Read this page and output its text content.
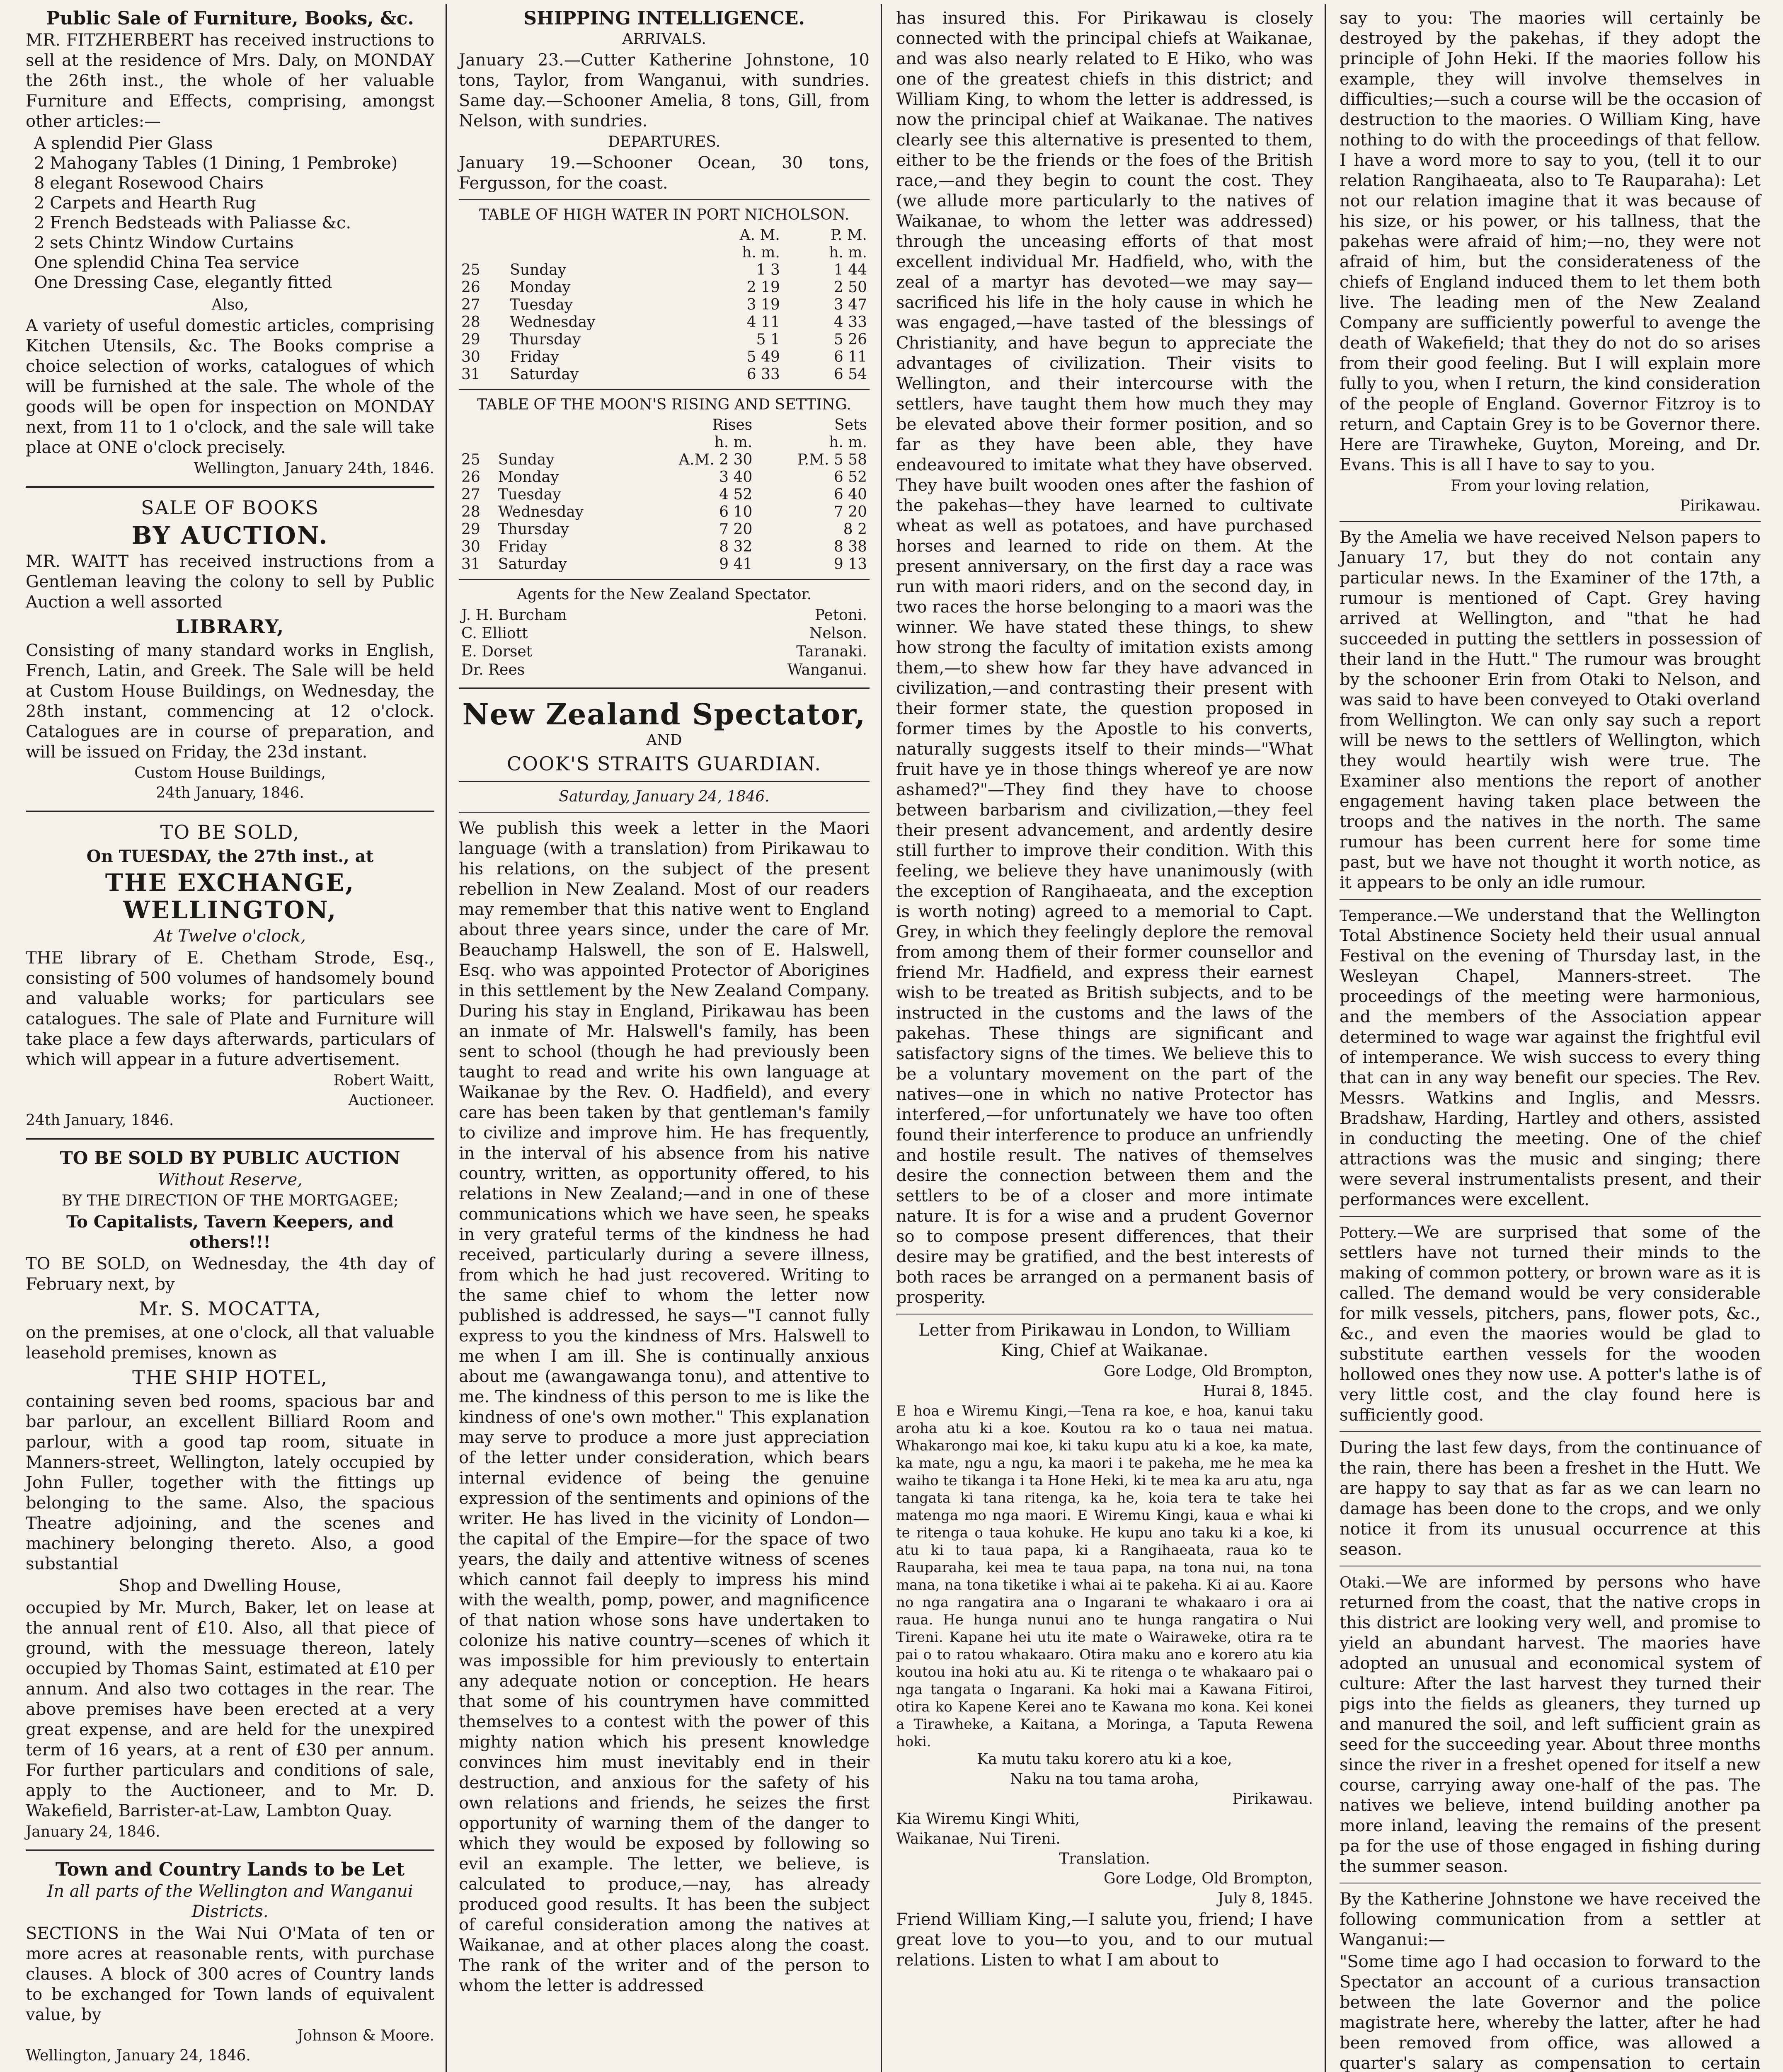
Public Sale of Furniture, Books, &c.
MR. FITZHERBERT has received instructions to sell at the residence of Mrs. Daly, on MONDAY the 26th inst., the whole of her valuable Furniture and Effects, comprising, amongst other articles:—
A splendid Pier Glass
2 Mahogany Tables (1 Dining, 1 Pembroke)
8 elegant Rosewood Chairs
2 Carpets and Hearth Rug
2 French Bedsteads with Paliasse &c.
2 sets Chintz Window Curtains
One splendid China Tea service
One Dressing Case, elegantly fitted
Also,
A variety of useful domestic articles, comprising Kitchen Utensils, &c. The Books comprise a choice selection of works, catalogues of which will be furnished at the sale. The whole of the goods will be open for inspection on MONDAY next, from 11 to 1 o'clock, and the sale will take place at ONE o'clock precisely.
Wellington, January 24th, 1846.
SALE OF BOOKS
BY AUCTION.
MR. WAITT has received instructions from a Gentleman leaving the colony to sell by Public Auction a well assorted
LIBRARY,
Consisting of many standard works in English, French, Latin, and Greek. The Sale will be held at Custom House Buildings, on Wednesday, the 28th instant, commencing at 12 o'clock. Catalogues are in course of preparation, and will be issued on Friday, the 23d instant.
Custom House Buildings,
24th January, 1846.
TO BE SOLD,
On TUESDAY, the 27th inst., at
THE EXCHANGE, WELLINGTON,
At Twelve o'clock,
THE library of E. Chetham Strode, Esq., consisting of 500 volumes of handsomely bound and valuable works; for particulars see catalogues. The sale of Plate and Furniture will take place a few days afterwards, particulars of which will appear in a future advertisement.
Robert Waitt,
Auctioneer.
24th January, 1846.
TO BE SOLD BY PUBLIC AUCTION
Without Reserve,
BY THE DIRECTION OF THE MORTGAGEE;
To Capitalists, Tavern Keepers, and others!!!
TO BE SOLD, on Wednesday, the 4th day of February next, by
Mr. S. MOCATTA,
on the premises, at one o'clock, all that valuable leasehold premises, known as
THE SHIP HOTEL,
containing seven bed rooms, spacious bar and bar parlour, an excellent Billiard Room and parlour, with a good tap room, situate in Manners-street, Wellington, lately occupied by John Fuller, together with the fittings up belonging to the same. Also, the spacious Theatre adjoining, and the scenes and machinery belonging thereto. Also, a good substantial
Shop and Dwelling House,
occupied by Mr. Murch, Baker, let on lease at the annual rent of £10. Also, all that piece of ground, with the messuage thereon, lately occupied by Thomas Saint, estimated at £10 per annum. And also two cottages in the rear. The above premises have been erected at a very great expense, and are held for the unexpired term of 16 years, at a rent of £30 per annum. For further particulars and conditions of sale, apply to the Auctioneer, and to Mr. D. Wakefield, Barrister-at-Law, Lambton Quay.
January 24, 1846.
Town and Country Lands to be Let
In all parts of the Wellington and Wanganui Districts.
SECTIONS in the Wai Nui O'Mata of ten or more acres at reasonable rents, with purchase clauses. A block of 300 acres of Country lands to be exchanged for Town lands of equivalent value, by
Johnson & Moore.
Wellington, January 24, 1846.
SHIPPING INTELLIGENCE.
ARRIVALS.
January 23.—Cutter Katherine Johnstone, 10 tons, Taylor, from Wanganui, with sundries. Same day.—Schooner Amelia, 8 tons, Gill, from Nelson, with sundries.
DEPARTURES.
January 19.—Schooner Ocean, 30 tons, Fergusson, for the coast.
TABLE OF HIGH WATER IN PORT NICHOLSON.
		A. M.	P. M.
		h. m.	h. m.
25	Sunday	1 3	1 44
26	Monday	2 19	2 50
27	Tuesday	3 19	3 47
28	Wednesday	4 11	4 33
29	Thursday	5 1	5 26
30	Friday	5 49	6 11
31	Saturday	6 33	6 54
TABLE OF THE MOON'S RISING AND SETTING.
		Rises	Sets
		h. m.	h. m.
25	Sunday	A.M. 2 30	P.M. 5 58
26	Monday	3 40	6 52
27	Tuesday	4 52	6 40
28	Wednesday	6 10	7 20
29	Thursday	7 20	8 2
30	Friday	8 32	8 38
31	Saturday	9 41	9 13
Agents for the New Zealand Spectator.
J. H. Burcham	Petoni.
C. Elliott	Nelson.
E. Dorset	Taranaki.
Dr. Rees	Wanganui.
New Zealand Spectator,
AND
COOK'S STRAITS GUARDIAN.
Saturday, January 24, 1846.
We publish this week a letter in the Maori language (with a translation) from Pirikawau to his relations, on the subject of the present rebellion in New Zealand. Most of our readers may remember that this native went to England about three years since, under the care of Mr. Beauchamp Halswell, the son of E. Halswell, Esq. who was appointed Protector of Aborigines in this settlement by the New Zealand Company. During his stay in England, Pirikawau has been an inmate of Mr. Halswell's family, has been sent to school (though he had previously been taught to read and write his own language at Waikanae by the Rev. O. Hadfield), and every care has been taken by that gentleman's family to civilize and improve him. He has frequently, in the interval of his absence from his native country, written, as opportunity offered, to his relations in New Zealand;—and in one of these communications which we have seen, he speaks in very grateful terms of the kindness he had received, particularly during a severe illness, from which he had just recovered. Writing to the same chief to whom the letter now published is addressed, he says—"I cannot fully express to you the kindness of Mrs. Halswell to me when I am ill. She is continually anxious about me (awangawanga tonu), and attentive to me. The kindness of this person to me is like the kindness of one's own mother." This explanation may serve to produce a more just appreciation of the letter under consideration, which bears internal evidence of being the genuine expression of the sentiments and opinions of the writer. He has lived in the vicinity of London—the capital of the Empire—for the space of two years, the daily and attentive witness of scenes which cannot fail deeply to impress his mind with the wealth, pomp, power, and magnificence of that nation whose sons have undertaken to colonize his native country—scenes of which it was impossible for him previously to entertain any adequate notion or conception. He hears that some of his countrymen have committed themselves to a contest with the power of this mighty nation which his present knowledge convinces him must inevitably end in their destruction, and anxious for the safety of his own relations and friends, he seizes the first opportunity of warning them of the danger to which they would be exposed by following so evil an example. The letter, we believe, is calculated to produce,—nay, has already produced good results. It has been the subject of careful consideration among the natives at Waikanae, and at other places along the coast. The rank of the writer and of the person to whom the letter is addressed
has insured this. For Pirikawau is closely connected with the principal chiefs at Waikanae, and was also nearly related to E Hiko, who was one of the greatest chiefs in this district; and William King, to whom the letter is addressed, is now the principal chief at Waikanae. The natives clearly see this alternative is presented to them, either to be the friends or the foes of the British race,—and they begin to count the cost. They (we allude more particularly to the natives of Waikanae, to whom the letter was addressed) through the unceasing efforts of that most excellent individual Mr. Hadfield, who, with the zeal of a martyr has devoted—we may say—sacrificed his life in the holy cause in which he was engaged,—have tasted of the blessings of Christianity, and have begun to appreciate the advantages of civilization. Their visits to Wellington, and their intercourse with the settlers, have taught them how much they may be elevated above their former position, and so far as they have been able, they have endeavoured to imitate what they have observed. They have built wooden ones after the fashion of the pakehas—they have learned to cultivate wheat as well as potatoes, and have purchased horses and learned to ride on them. At the present anniversary, on the first day a race was run with maori riders, and on the second day, in two races the horse belonging to a maori was the winner. We have stated these things, to shew how strong the faculty of imitation exists among them,—to shew how far they have advanced in civilization,—and contrasting their present with their former state, the question proposed in former times by the Apostle to his converts, naturally suggests itself to their minds—"What fruit have ye in those things whereof ye are now ashamed?"—They find they have to choose between barbarism and civilization,—they feel their present advancement, and ardently desire still further to improve their condition. With this feeling, we believe they have unanimously (with the exception of Rangihaeata, and the exception is worth noting) agreed to a memorial to Capt. Grey, in which they feelingly deplore the removal from among them of their former counsellor and friend Mr. Hadfield, and express their earnest wish to be treated as British subjects, and to be instructed in the customs and the laws of the pakehas. These things are significant and satisfactory signs of the times. We believe this to be a voluntary movement on the part of the natives—one in which no native Protector has interfered,—for unfortunately we have too often found their interference to produce an unfriendly and hostile result. The natives of themselves desire the connection between them and the settlers to be of a closer and more intimate nature. It is for a wise and a prudent Governor so to compose present differences, that their desire may be gratified, and the best interests of both races be arranged on a permanent basis of prosperity.
Letter from Pirikawau in London, to William King, Chief at Waikanae.
Gore Lodge, Old Brompton,
Hurai 8, 1845.
E hoa e Wiremu Kingi,—Tena ra koe, e hoa, kanui taku aroha atu ki a koe. Koutou ra ko o taua nei matua. Whakarongo mai koe, ki taku kupu atu ki a koe, ka mate, ka mate, ngu a ngu, ka maori i te pakeha, me he mea ka waiho te tikanga i ta Hone Heki, ki te mea ka aru atu, nga tangata ki tana ritenga, ka he, koia tera te take hei matenga mo nga maori. E Wiremu Kingi, kaua e whai ki te ritenga o taua kohuke. He kupu ano taku ki a koe, ki atu ki to taua papa, ki a Rangihaeata, raua ko te Rauparaha, kei mea te taua papa, na tona nui, na tona mana, na tona tiketike i whai ai te pakeha. Ki ai au. Kaore no nga rangatira ana o Ingarani te whakaaro i ora ai raua. He hunga nunui ano te hunga rangatira o Nui Tireni. Kapane hei utu ite mate o Wairaweke, otira ra te pai o to ratou whakaaro. Otira maku ano e korero atu kia koutou ina hoki atu au. Ki te ritenga o te whakaaro pai o nga tangata o Ingarani. Ka hoki mai a Kawana Fitiroi, otira ko Kapene Kerei ano te Kawana mo kona. Kei konei a Tirawheke, a Kaitana, a Moringa, a Taputa Rewena hoki.
Ka mutu taku korero atu ki a koe,
Naku na tou tama aroha,
Pirikawau.
Kia Wiremu Kingi Whiti,
Waikanae, Nui Tireni.
Translation.
Gore Lodge, Old Brompton,
July 8, 1845.
Friend William King,—I salute you, friend; I have great love to you—to you, and to our mutual relations. Listen to what I am about to
say to you: The maories will certainly be destroyed by the pakehas, if they adopt the principle of John Heki. If the maories follow his example, they will involve themselves in difficulties;—such a course will be the occasion of destruction to the maories. O William King, have nothing to do with the proceedings of that fellow. I have a word more to say to you, (tell it to our relation Rangihaeata, also to Te Rauparaha): Let not our relation imagine that it was because of his size, or his power, or his tallness, that the pakehas were afraid of him;—no, they were not afraid of him, but the considerateness of the chiefs of England induced them to let them both live. The leading men of the New Zealand Company are sufficiently powerful to avenge the death of Wakefield; that they do not do so arises from their good feeling. But I will explain more fully to you, when I return, the kind consideration of the people of England. Governor Fitzroy is to return, and Captain Grey is to be Governor there. Here are Tirawheke, Guyton, Moreing, and Dr. Evans. This is all I have to say to you.
From your loving relation,
Pirikawau.
By the Amelia we have received Nelson papers to January 17, but they do not contain any particular news. In the Examiner of the 17th, a rumour is mentioned of Capt. Grey having arrived at Wellington, and "that he had succeeded in putting the settlers in possession of their land in the Hutt." The rumour was brought by the schooner Erin from Otaki to Nelson, and was said to have been conveyed to Otaki overland from Wellington. We can only say such a report will be news to the settlers of Wellington, which they would heartily wish were true. The Examiner also mentions the report of another engagement having taken place between the troops and the natives in the north. The same rumour has been current here for some time past, but we have not thought it worth notice, as it appears to be only an idle rumour.
Temperance.—We understand that the Wellington Total Abstinence Society held their usual annual Festival on the evening of Thursday last, in the Wesleyan Chapel, Manners-street. The proceedings of the meeting were harmonious, and the members of the Association appear determined to wage war against the frightful evil of intemperance. We wish success to every thing that can in any way benefit our species. The Rev. Messrs. Watkins and Inglis, and Messrs. Bradshaw, Harding, Hartley and others, assisted in conducting the meeting. One of the chief attractions was the music and singing; there were several instrumentalists present, and their performances were excellent.
Pottery.—We are surprised that some of the settlers have not turned their minds to the making of common pottery, or brown ware as it is called. The demand would be very considerable for milk vessels, pitchers, pans, flower pots, &c., &c., and even the maories would be glad to substitute earthen vessels for the wooden hollowed ones they now use. A potter's lathe is of very little cost, and the clay found here is sufficiently good.
During the last few days, from the continuance of the rain, there has been a freshet in the Hutt. We are happy to say that as far as we can learn no damage has been done to the crops, and we only notice it from its unusual occurrence at this season.
Otaki.—We are informed by persons who have returned from the coast, that the native crops in this district are looking very well, and promise to yield an abundant harvest. The maories have adopted an unusual and economical system of culture: After the last harvest they turned their pigs into the fields as gleaners, they turned up and manured the soil, and left sufficient grain as seed for the succeeding year. About three months since the river in a freshet opened for itself a new course, carrying away one-half of the pas. The natives we believe, intend building another pa more inland, leaving the remains of the present pa for the use of those engaged in fishing during the summer season.
By the Katherine Johnstone we have received the following communication from a settler at Wanganui:—
"Some time ago I had occasion to forward to the Spectator an account of a curious transaction between the late Governor and the police magistrate here, whereby the latter, after he had been removed from office, was allowed a quarter's salary as compensation to certain
